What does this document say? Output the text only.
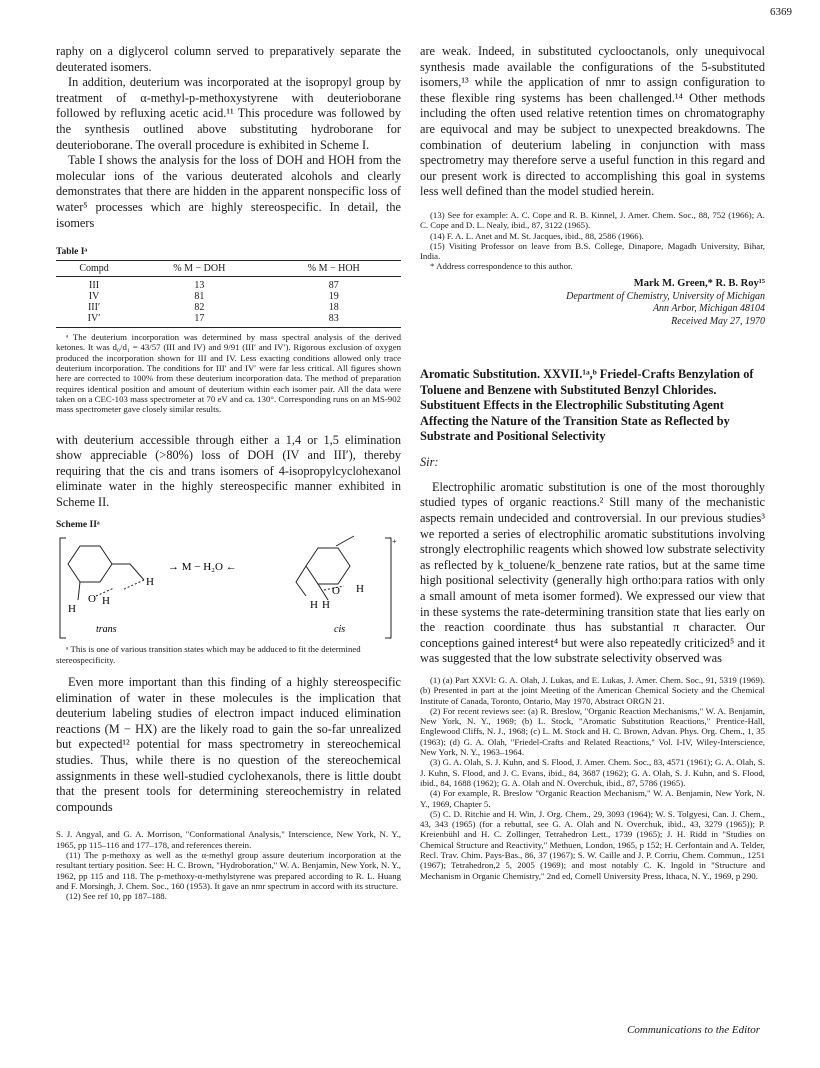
6369

raphy on a diglycerol column served to preparatively separate the deuterated isomers.

In addition, deuterium was incorporated at the isopropyl group by treatment of α-methyl-p-methoxystyrene with deuterioborane followed by refluxing acetic acid.¹¹ This procedure was followed by the synthesis outlined above substituting hydroborane for deuterioborane. The overall procedure is exhibited in Scheme I.

Table I shows the analysis for the loss of DOH and HOH from the molecular ions of the various deuterated alcohols and clearly demonstrates that there are hidden in the apparent nonspecific loss of water⁵ processes which are highly stereospecific. In detail, the isomers

Table Iᵃ
Compd	% M − DOH	% M − HOH
III	13	87
IV	81	19
III′	82	18
IV′	17	83

ᵃ The deuterium incorporation was determined by mass spectral analysis of the derived ketones. It was d₀/d₁ = 43/57 (III and IV) and 9/91 (III′ and IV′). Rigorous exclusion of oxygen produced the incorporation shown for III and IV. Less exacting conditions allowed only trace deuterium incorporation. The conditions for III′ and IV′ were far less critical. All figures shown here are corrected to 100% from these deuterium incorporation data. The method of preparation requires identical position and amount of deuterium within each isomer pair. All the data were taken on a CEC-103 mass spectrometer at 70 eV and ca. 130°. Corresponding runs on an MS-902 mass spectrometer gave closely similar results.

with deuterium accessible through either a 1,4 or 1,5 elimination show appreciable (>80%) loss of DOH (IV and III′), thereby requiring that the cis and trans isomers of 4-isopropylcyclohexanol eliminate water in the highly stereospecific manner exhibited in Scheme II.

Scheme IIᵃ
+
O H
H
H
trans
→ M − H₂O ←
O H
H H
cis

ᵃ This is one of various transition states which may be adduced to fit the determined stereospecificity.

Even more important than this finding of a highly stereospecific elimination of water in these molecules is the implication that deuterium labeling studies of electron impact induced elimination reactions (M − HX) are the likely road to gain the so-far unrealized but expected¹² potential for mass spectrometry in stereochemical studies. Thus, while there is no question of the stereochemical assignments in these well-studied cyclohexanols, there is little doubt that the present tools for determining stereochemistry in related compounds

S. J. Angyal, and G. A. Morrison, "Conformational Analysis," Interscience, New York, N. Y., 1965, pp 115–116 and 177–178, and references therein.

(11) The p-methoxy as well as the α-methyl group assure deuterium incorporation at the resultant tertiary position. See: H. C. Brown, "Hydroboration," W. A. Benjamin, New York, N. Y., 1962, pp 115 and 118. The p-methoxy-α-methylstyrene was prepared according to R. L. Huang and F. Morsingh, J. Chem. Soc., 160 (1953). It gave an nmr spectrum in accord with its structure.

(12) See ref 10, pp 187–188.

are weak. Indeed, in substituted cyclooctanols, only unequivocal synthesis made available the configurations of the 5-substituted isomers,¹³ while the application of nmr to assign configuration to these flexible ring systems has been challenged.¹⁴ Other methods including the often used relative retention times on chromatography are equivocal and may be subject to unexpected breakdowns. The combination of deuterium labeling in conjunction with mass spectrometry may therefore serve a useful function in this regard and our present work is directed to accomplishing this goal in systems less well defined than the model studied herein.

(13) See for example: A. C. Cope and R. B. Kinnel, J. Amer. Chem. Soc., 88, 752 (1966); A. C. Cope and D. L. Nealy, ibid., 87, 3122 (1965).

(14) F. A. L. Anet and M. St. Jacques, ibid., 88, 2586 (1966).

(15) Visiting Professor on leave from B.S. College, Dinapore, Magadh University, Bihar, India.

* Address correspondence to this author.

Mark M. Green,* R. B. Roy¹⁵
Department of Chemistry, University of Michigan
Ann Arbor, Michigan 48104
Received May 27, 1970
Aromatic Substitution. XXVII.¹ᵃ,ᵇ Friedel-Crafts Benzylation of Toluene and Benzene with Substituted Benzyl Chlorides. Substituent Effects in the Electrophilic Substituting Agent Affecting the Nature of the Transition State as Reflected by Substrate and Positional Selectivity
Sir:

Electrophilic aromatic substitution is one of the most thoroughly studied types of organic reactions.² Still many of the mechanistic aspects remain undecided and controversial. In our previous studies³ we reported a series of electrophilic aromatic substitutions involving strongly electrophilic reagents which showed low substrate selectivity as reflected by k_toluene/k_benzene rate ratios, but at the same time high positional selectivity (generally high ortho:para ratios with only a small amount of meta isomer formed). We expressed our view that in these systems the rate-determining transition state that lies early on the reaction coordinate thus has substantial π character. Our conceptions gained interest⁴ but were also repeatedly criticized⁵ and it was suggested that the low substrate selectivity observed was

(1) (a) Part XXVI: G. A. Olah, J. Lukas, and E. Lukas, J. Amer. Chem. Soc., 91, 5319 (1969). (b) Presented in part at the joint Meeting of the American Chemical Society and the Chemical Institute of Canada, Toronto, Ontario, May 1970, Abstract ORGN 21.

(2) For recent reviews see: (a) R. Breslow, "Organic Reaction Mechanisms," W. A. Benjamin, New York, N. Y., 1969; (b) L. Stock, "Aromatic Substitution Reactions," Prentice-Hall, Englewood Cliffs, N. J., 1968; (c) L. M. Stock and H. C. Brown, Advan. Phys. Org. Chem., 1, 35 (1963); (d) G. A. Olah, "Friedel-Crafts and Related Reactions," Vol. I-IV, Wiley-Interscience, New York, N. Y., 1963–1964.

(3) G. A. Olah, S. J. Kuhn, and S. Flood, J. Amer. Chem. Soc., 83, 4571 (1961); G. A. Olah, S. J. Kuhn, S. Flood, and J. C. Evans, ibid., 84, 3687 (1962); G. A. Olah, S. J. Kuhn, and S. Flood, ibid., 84, 1688 (1962); G. A. Olah and N. Overchuk, ibid., 87, 5786 (1965).

(4) For example, R. Breslow "Organic Reaction Mechanism," W. A. Benjamin, New York, N. Y., 1969, Chapter 5.

(5) C. D. Ritchie and H. Win, J. Org. Chem., 29, 3093 (1964); W. S. Tolgyesi, Can. J. Chem., 43, 343 (1965) (for a rebuttal, see G. A. Olah and N. Overchuk, ibid., 43, 3279 (1965)); P. Kreienbühl and H. C. Zollinger, Tetrahedron Lett., 1739 (1965); J. H. Ridd in "Studies on Chemical Structure and Reactivity," Methuen, London, 1965, p 152; H. Cerfontain and A. Telder, Recl. Trav. Chim. Pays-Bas., 86, 37 (1967); S. W. Caille and J. P. Corriu, Chem. Commun., 1251 (1967); Tetrahedron,2 5, 2005 (1969); and most notably C. K. Ingold in "Structure and Mechanism in Organic Chemistry," 2nd ed, Cornell University Press, Ithaca, N. Y., 1969, p 290.

Communications to the Editor
